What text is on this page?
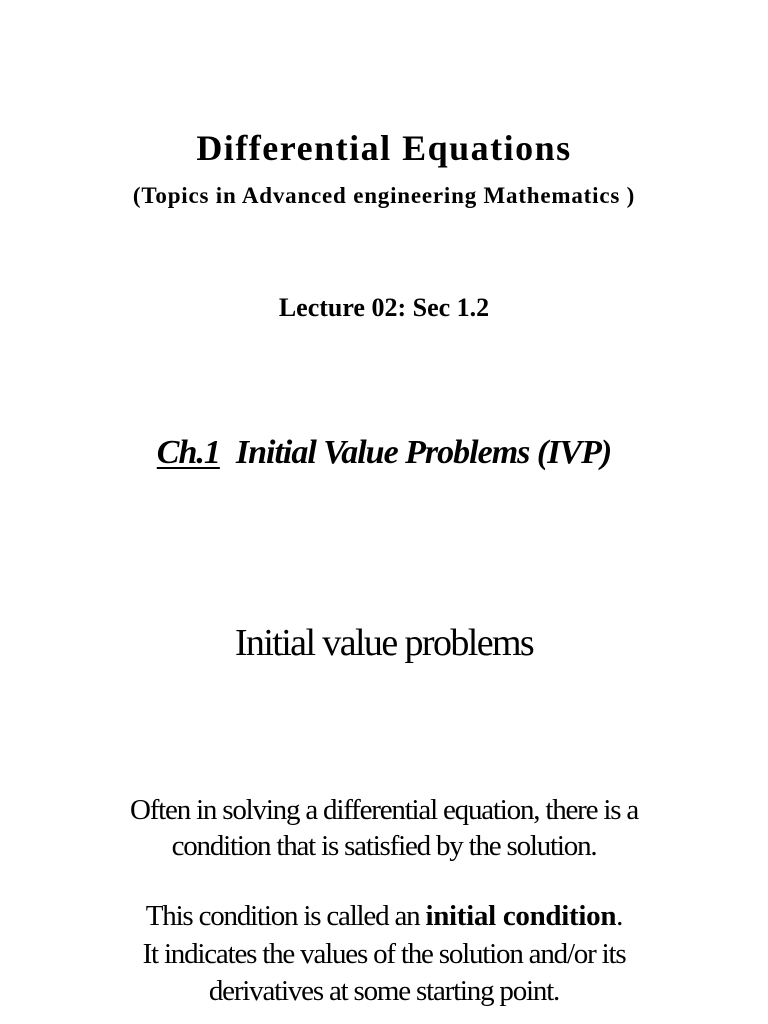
Differential Equations
(Topics in Advanced engineering Mathematics )
Lecture 02: Sec 1.2
Ch.1 Initial Value Problems (IVP)
Initial value problems
Often in solving a differential equation, there is a
condition that is satisfied by the solution.
This condition is called an initial condition.
It indicates the values of the solution and/or its
derivatives at some starting point.
